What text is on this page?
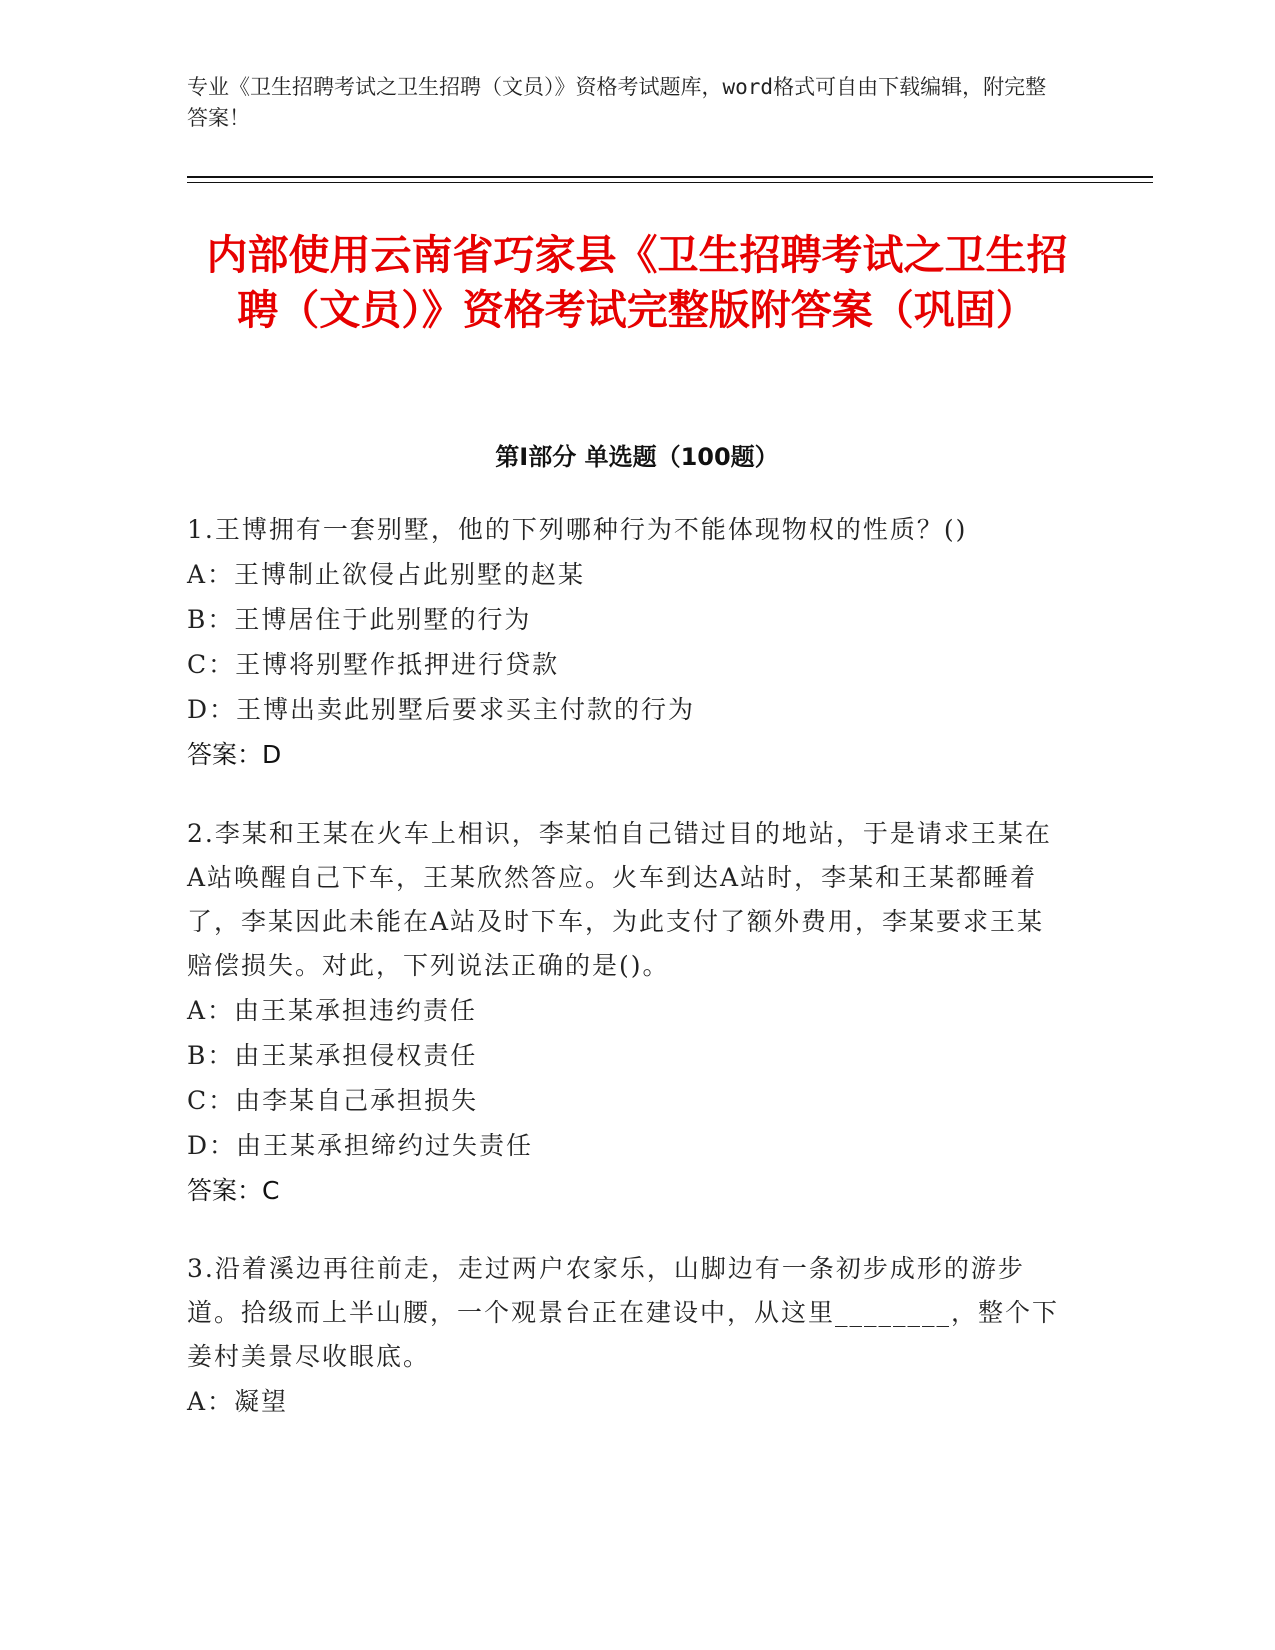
专业《卫生招聘考试之卫生招聘（文员）》资格考试题库，word格式可自由下载编辑，附完整答案！
内部使用云南省巧家县《卫生招聘考试之卫生招聘（文员）》资格考试完整版附答案（巩固）
第I部分 单选题（100题）
1.王博拥有一套别墅，他的下列哪种行为不能体现物权的性质？()
A：王博制止欲侵占此别墅的赵某
B：王博居住于此别墅的行为
C：王博将别墅作抵押进行贷款
D：王博出卖此别墅后要求买主付款的行为
答案：D
2.李某和王某在火车上相识，李某怕自己错过目的地站，于是请求王某在A站唤醒自己下车，王某欣然答应。火车到达A站时，李某和王某都睡着了，李某因此未能在A站及时下车，为此支付了额外费用，李某要求王某赔偿损失。对此，下列说法正确的是()。
A：由王某承担违约责任
B：由王某承担侵权责任
C：由李某自己承担损失
D：由王某承担缔约过失责任
答案：C
3.沿着溪边再往前走，走过两户农家乐，山脚边有一条初步成形的游步道。拾级而上半山腰，一个观景台正在建设中，从这里________，整个下姜村美景尽收眼底。
A：凝望
